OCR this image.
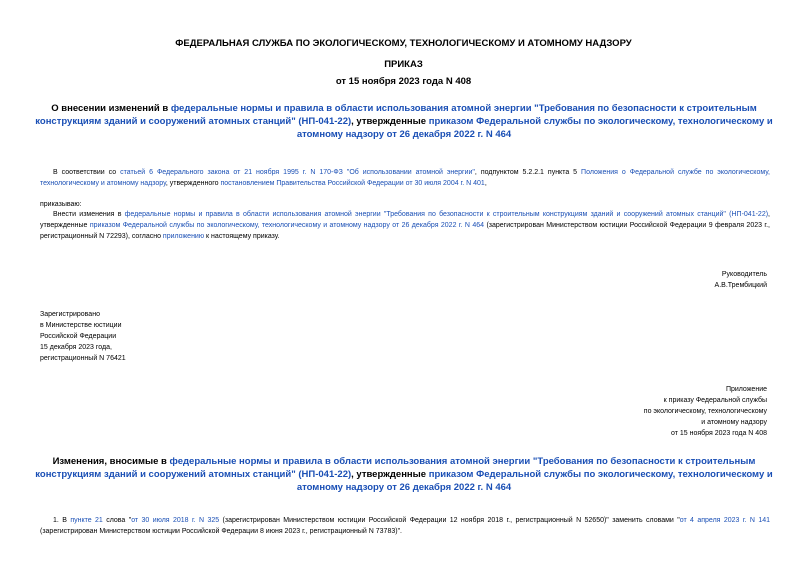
ФЕДЕРАЛЬНАЯ СЛУЖБА ПО ЭКОЛОГИЧЕСКОМУ, ТЕХНОЛОГИЧЕСКОМУ И АТОМНОМУ НАДЗОРУ
ПРИКАЗ
от 15 ноября 2023 года N 408
О внесении изменений в федеральные нормы и правила в области использования атомной энергии "Требования по безопасности к строительным конструкциям зданий и сооружений атомных станций" (НП-041-22), утвержденные приказом Федеральной службы по экологическому, технологическому и атомному надзору от 26 декабря 2022 г. N 464
В соответствии со статьей 6 Федерального закона от 21 ноября 1995 г. N 170-ФЗ "Об использовании атомной энергии", подпунктом 5.2.2.1 пункта 5 Положения о Федеральной службе по экологическому, технологическому и атомному надзору, утвержденного постановлением Правительства Российской Федерации от 30 июля 2004 г. N 401,
приказываю:
Внести изменения в федеральные нормы и правила в области использования атомной энергии "Требования по безопасности к строительным конструкциям зданий и сооружений атомных станций" (НП-041-22), утвержденные приказом Федеральной службы по экологическому, технологическому и атомному надзору от 26 декабря 2022 г. N 464 (зарегистрирован Министерством юстиции Российской Федерации 9 февраля 2023 г., регистрационный N 72293), согласно приложению к настоящему приказу.
Руководитель
А.В.Трембицкий
Зарегистрировано
в Министерстве юстиции
Российской Федерации
15 декабря 2023 года,
регистрационный N 76421
Приложение
к приказу Федеральной службы
по экологическому, технологическому
и атомному надзору
от 15 ноября 2023 года N 408
Изменения, вносимые в федеральные нормы и правила в области использования атомной энергии "Требования по безопасности к строительным конструкциям зданий и сооружений атомных станций" (НП-041-22), утвержденные приказом Федеральной службы по экологическому, технологическому и атомному надзору от 26 декабря 2022 г. N 464
1. В пункте 21 слова "от 30 июля 2018 г. N 325 (зарегистрирован Министерством юстиции Российской Федерации 12 ноября 2018 г., регистрационный N 52650)" заменить словами "от 4 апреля 2023 г. N 141 (зарегистрирован Министерством юстиции Российской Федерации 8 июня 2023 г., регистрационный N 73783)".
